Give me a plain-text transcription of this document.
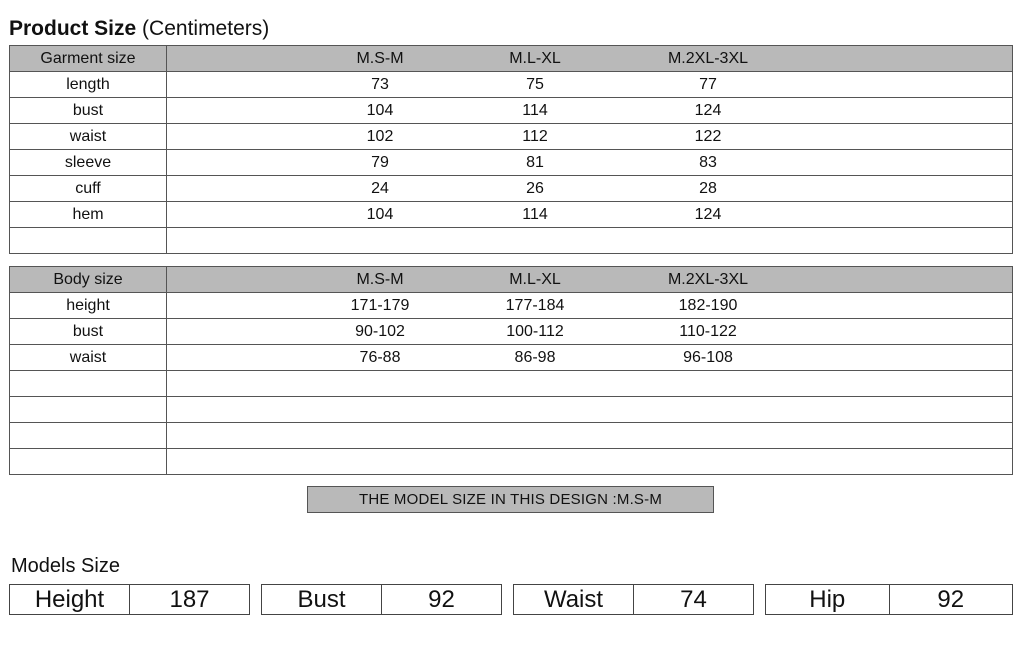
Product Size (Centimeters)
Garment size	M.S-M M.L-XL M.2XL-3XL

length	73 75 77

bust	104 114 124

waist	102 112 122

sleeve	79 81 83

cuff	24 26 28

hem	104 114 124

Body size	M.S-M M.L-XL M.2XL-3XL

height	171-179 177-184 182-190

bust	90-102 100-112 110-122

waist	76-88 86-98 96-108

THE MODEL SIZE IN THIS DESIGN :M.S-M
Models Size
Height	187	Bust	92	Waist	74	Hip	92
